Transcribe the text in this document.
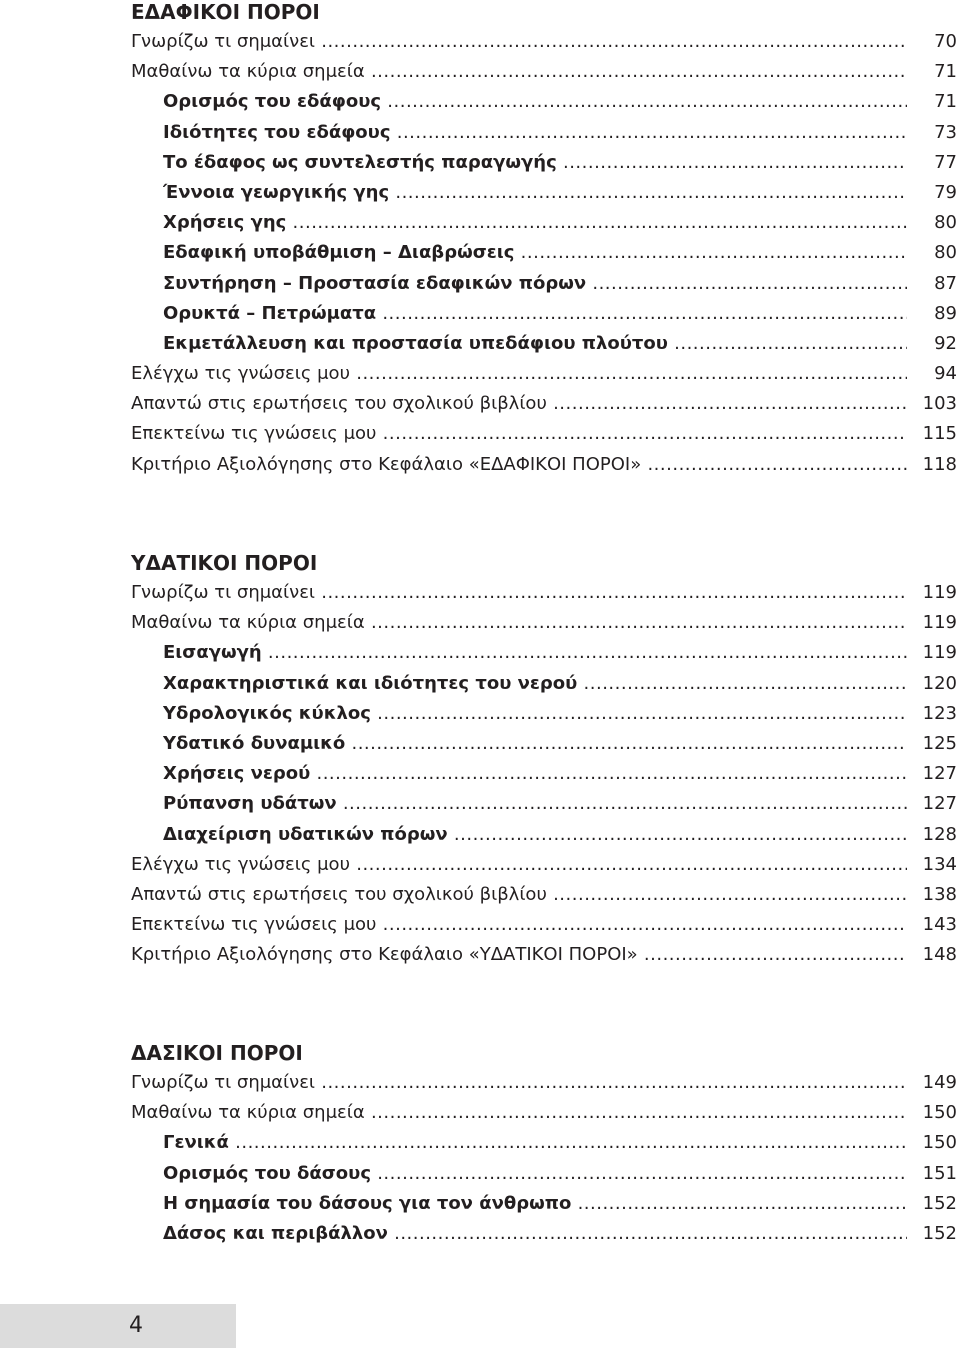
ΕΔΑΦΙΚΟΙ ΠΟΡΟΙ
Γνωρίζω τι σημαίνει .....	70
Μαθαίνω τα κύρια σημεία .....	71
Ορισμός του εδάφους .....	71
Ιδιότητες του εδάφους .....	73
Το έδαφος ως συντελεστής παραγωγής .....	77
Έννοια γεωργικής γης .....	79
Χρήσεις γης .....	80
Εδαφική υποβάθμιση – Διαβρώσεις .....	80
Συντήρηση – Προστασία εδαφικών πόρων .....	87
Ορυκτά – Πετρώματα .....	89
Εκμετάλλευση και προστασία υπεδάφιου πλούτου .....	92
Ελέγχω τις γνώσεις μου .....	94
Απαντώ στις ερωτήσεις του σχολικού βιβλίου .....	103
Επεκτείνω τις γνώσεις μου .....	115
Κριτήριο Αξιολόγησης στο Κεφάλαιο «ΕΔΑΦΙΚΟΙ ΠΟΡΟΙ» .....	118
ΥΔΑΤΙΚΟΙ ΠΟΡΟΙ
Γνωρίζω τι σημαίνει .....	119
Μαθαίνω τα κύρια σημεία .....	119
Εισαγωγή .....	119
Χαρακτηριστικά και ιδιότητες του νερού .....	120
Υδρολογικός κύκλος .....	123
Υδατικό δυναμικό .....	125
Χρήσεις νερού .....	127
Ρύπανση υδάτων .....	127
Διαχείριση υδατικών πόρων .....	128
Ελέγχω τις γνώσεις μου .....	134
Απαντώ στις ερωτήσεις του σχολικού βιβλίου .....	138
Επεκτείνω τις γνώσεις μου .....	143
Κριτήριο Αξιολόγησης στο Κεφάλαιο «ΥΔΑΤΙΚΟΙ ΠΟΡΟΙ» .....	148
ΔΑΣΙΚΟΙ ΠΟΡΟΙ
Γνωρίζω τι σημαίνει .....	149
Μαθαίνω τα κύρια σημεία .....	150
Γενικά .....	150
Ορισμός του δάσους .....	151
Η σημασία του δάσους για τον άνθρωπο .....	152
Δάσος και περιβάλλον .....	152
4
